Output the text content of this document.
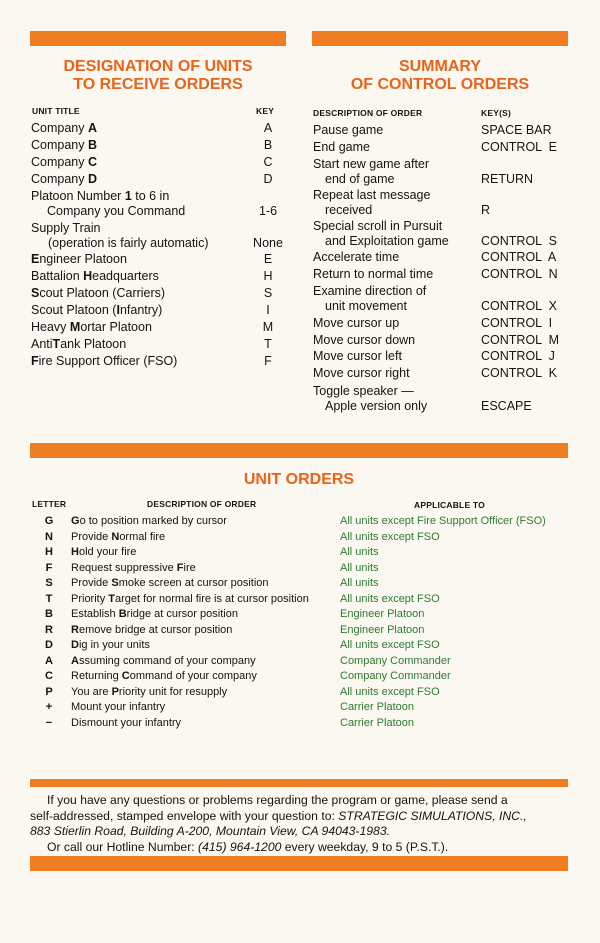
DESIGNATION OF UNITS
TO RECEIVE ORDERS
UNIT TITLE	KEY
Company A	A
Company B	B
Company C	C
Company D	D
Platoon Number 1 to 6 in
Company you Command	1-6
Supply Train
(operation is fairly automatic)	None
Engineer Platoon	E
Battalion Headquarters	H
Scout Platoon (Carriers)	S
Scout Platoon (Infantry)	I
Heavy Mortar Platoon	M
AntiTank Platoon	T
Fire Support Officer (FSO)	F
SUMMARY
OF CONTROL ORDERS
DESCRIPTION OF ORDER	KEY(S)
Pause game	SPACE BAR
End game	CONTROL  E
Start new game after
end of game	RETURN
Repeat last message
received	R
Special scroll in Pursuit
and Exploitation game	CONTROL  S
Accelerate time	CONTROL  A
Return to normal time	CONTROL  N
Examine direction of
unit movement	CONTROL  X
Move cursor up	CONTROL  I
Move cursor down	CONTROL  M
Move cursor left	CONTROL  J
Move cursor right	CONTROL  K
Toggle speaker —
Apple version only	ESCAPE
UNIT ORDERS
LETTER	DESCRIPTION OF ORDER	APPLICABLE TO
G	Go to position marked by cursor	All units except Fire Support Officer (FSO)
N	Provide Normal fire	All units except FSO
H	Hold your fire	All units
F	Request suppressive Fire	All units
S	Provide Smoke screen at cursor position	All units
T	Priority Target for normal fire is at cursor position	All units except FSO
B	Establish Bridge at cursor position	Engineer Platoon
R	Remove bridge at cursor position	Engineer Platoon
D	Dig in your units	All units except FSO
A	Assuming command of your company	Company Commander
C	Returning Command of your company	Company Commander
P	You are Priority unit for resupply	All units except FSO
+	Mount your infantry	Carrier Platoon
−	Dismount your infantry	Carrier Platoon

If you have any questions or problems regarding the program or game, please send a

self-addressed, stamped envelope with your question to: STRATEGIC SIMULATIONS, INC.,

883 Stierlin Road, Building A-200, Mountain View, CA 94043-1983.

Or call our Hotline Number: (415) 964-1200 every weekday, 9 to 5 (P.S.T.).
